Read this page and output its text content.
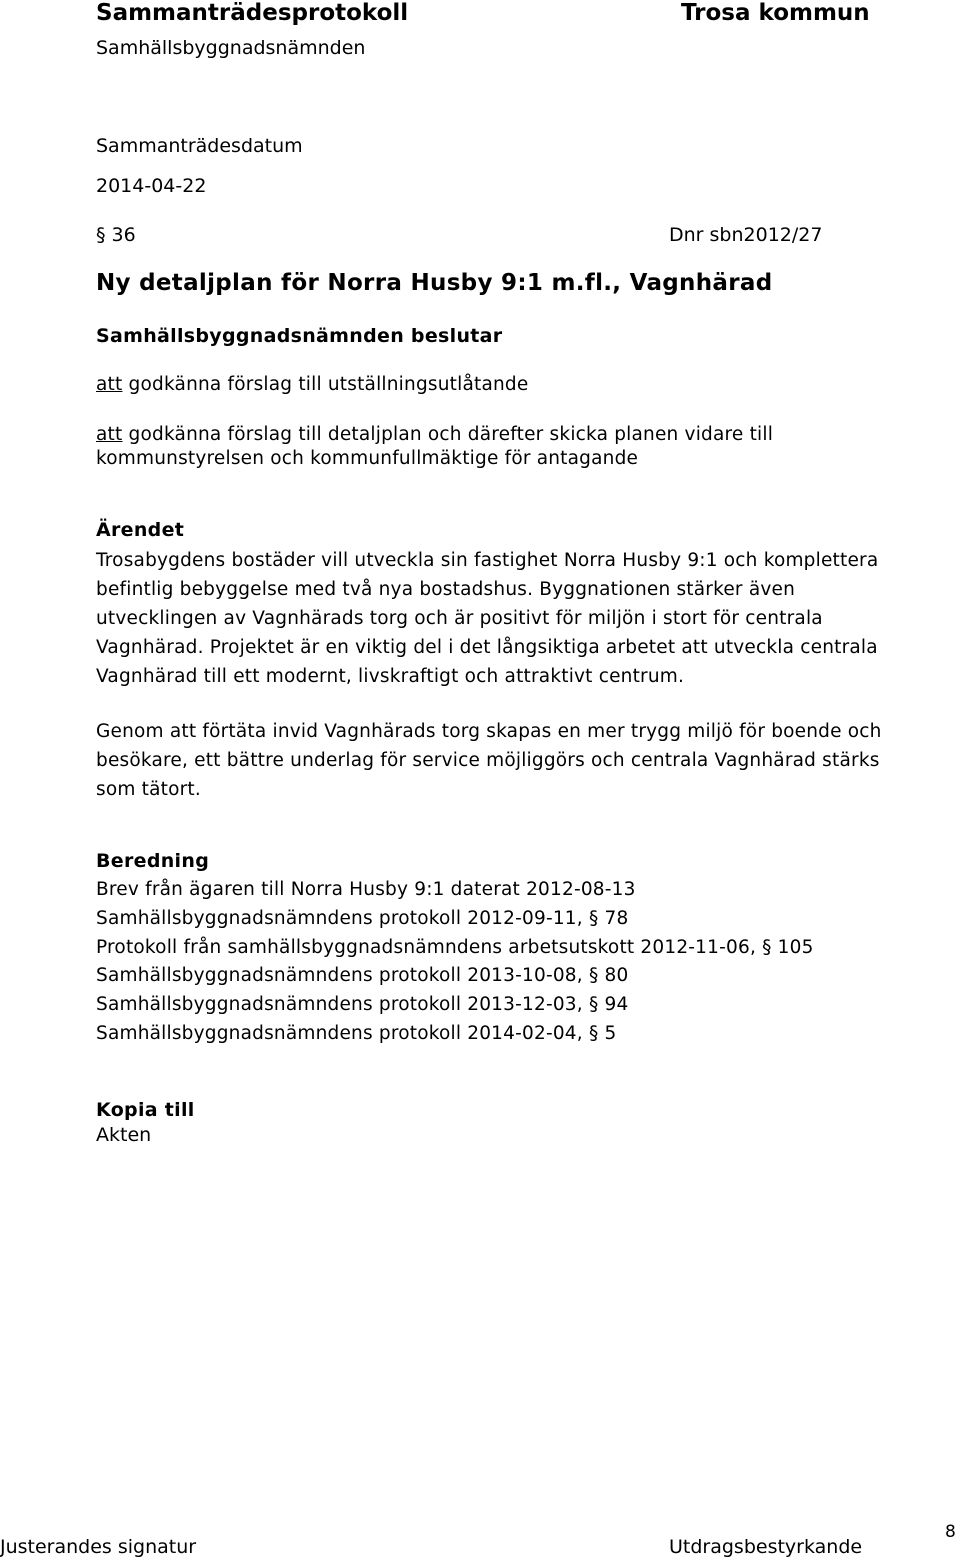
Sammanträdesprotokoll	Trosa kommun
Samhällsbyggnadsnämnden
Sammanträdesdatum
2014-04-22
§ 36	Dnr sbn2012/27
Ny detaljplan för Norra Husby 9:1 m.fl., Vagnhärad
Samhällsbyggnadsnämnden beslutar
att godkänna förslag till utställningsutlåtande

att godkänna förslag till detaljplan och därefter skicka planen vidare till

kommunstyrelsen och kommunfullmäktige för antagande

Ärendet

Trosabygdens bostäder vill utveckla sin fastighet Norra Husby 9:1 och komplettera

befintlig bebyggelse med två nya bostadshus. Byggnationen stärker även

utvecklingen av Vagnhärads torg och är positivt för miljön i stort för centrala

Vagnhärad. Projektet är en viktig del i det långsiktiga arbetet att utveckla centrala

Vagnhärad till ett modernt, livskraftigt och attraktivt centrum.

Genom att förtäta invid Vagnhärads torg skapas en mer trygg miljö för boende och

besökare, ett bättre underlag för service möjliggörs och centrala Vagnhärad stärks

som tätort.

Beredning

Brev från ägaren till Norra Husby 9:1 daterat 2012-08-13

Samhällsbyggnadsnämndens protokoll 2012-09-11, § 78

Protokoll från samhällsbyggnadsnämndens arbetsutskott 2012-11-06, § 105

Samhällsbyggnadsnämndens protokoll 2013-10-08, § 80

Samhällsbyggnadsnämndens protokoll 2013-12-03, § 94

Samhällsbyggnadsnämndens protokoll 2014-02-04, § 5

Kopia till
Akten
Justerandes signatur	Utdragsbestyrkande
8
